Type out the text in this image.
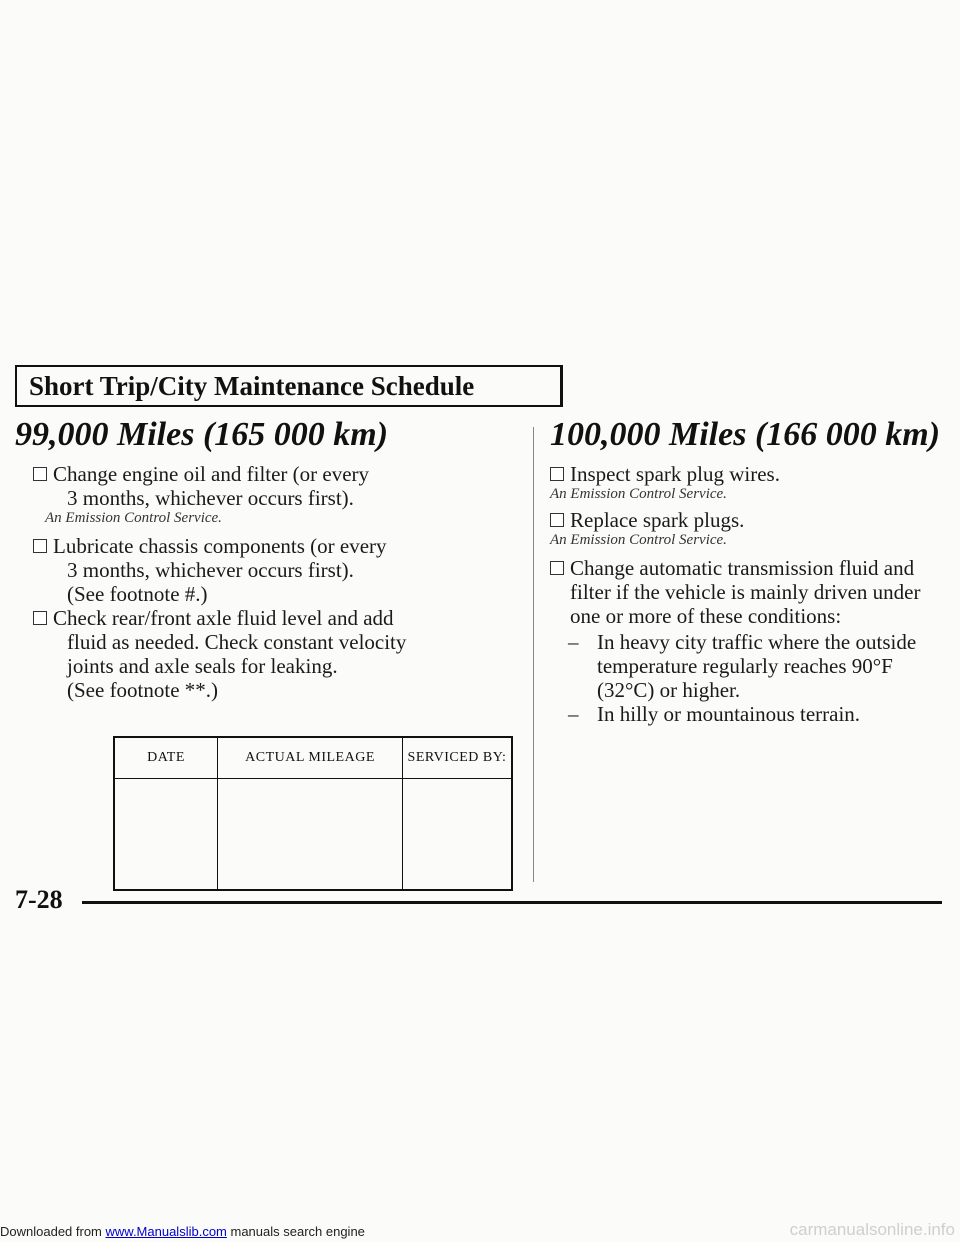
Short Trip/City Maintenance Schedule
99,000 Miles (165 000 km)
Change engine oil and filter (or every
3 months, whichever occurs first).
An Emission Control Service.
Lubricate chassis components (or every
3 months, whichever occurs first).
(See footnote #.)
Check rear/front axle fluid level and add
fluid as needed. Check constant velocity
joints and axle seals for leaking.
(See footnote **.)
DATE	ACTUAL MILEAGE	SERVICED BY:

100,000 Miles (166 000 km)
Inspect spark plug wires.
An Emission Control Service.
Replace spark plugs.
An Emission Control Service.
Change automatic transmission fluid and
filter if the vehicle is mainly driven under
one or more of these conditions:
– In heavy city traffic where the outside
temperature regularly reaches 90°F
(32°C) or higher.
– In hilly or mountainous terrain.
7-28
Downloaded from www.Manualslib.com manuals search engine	carmanualsonline.info
